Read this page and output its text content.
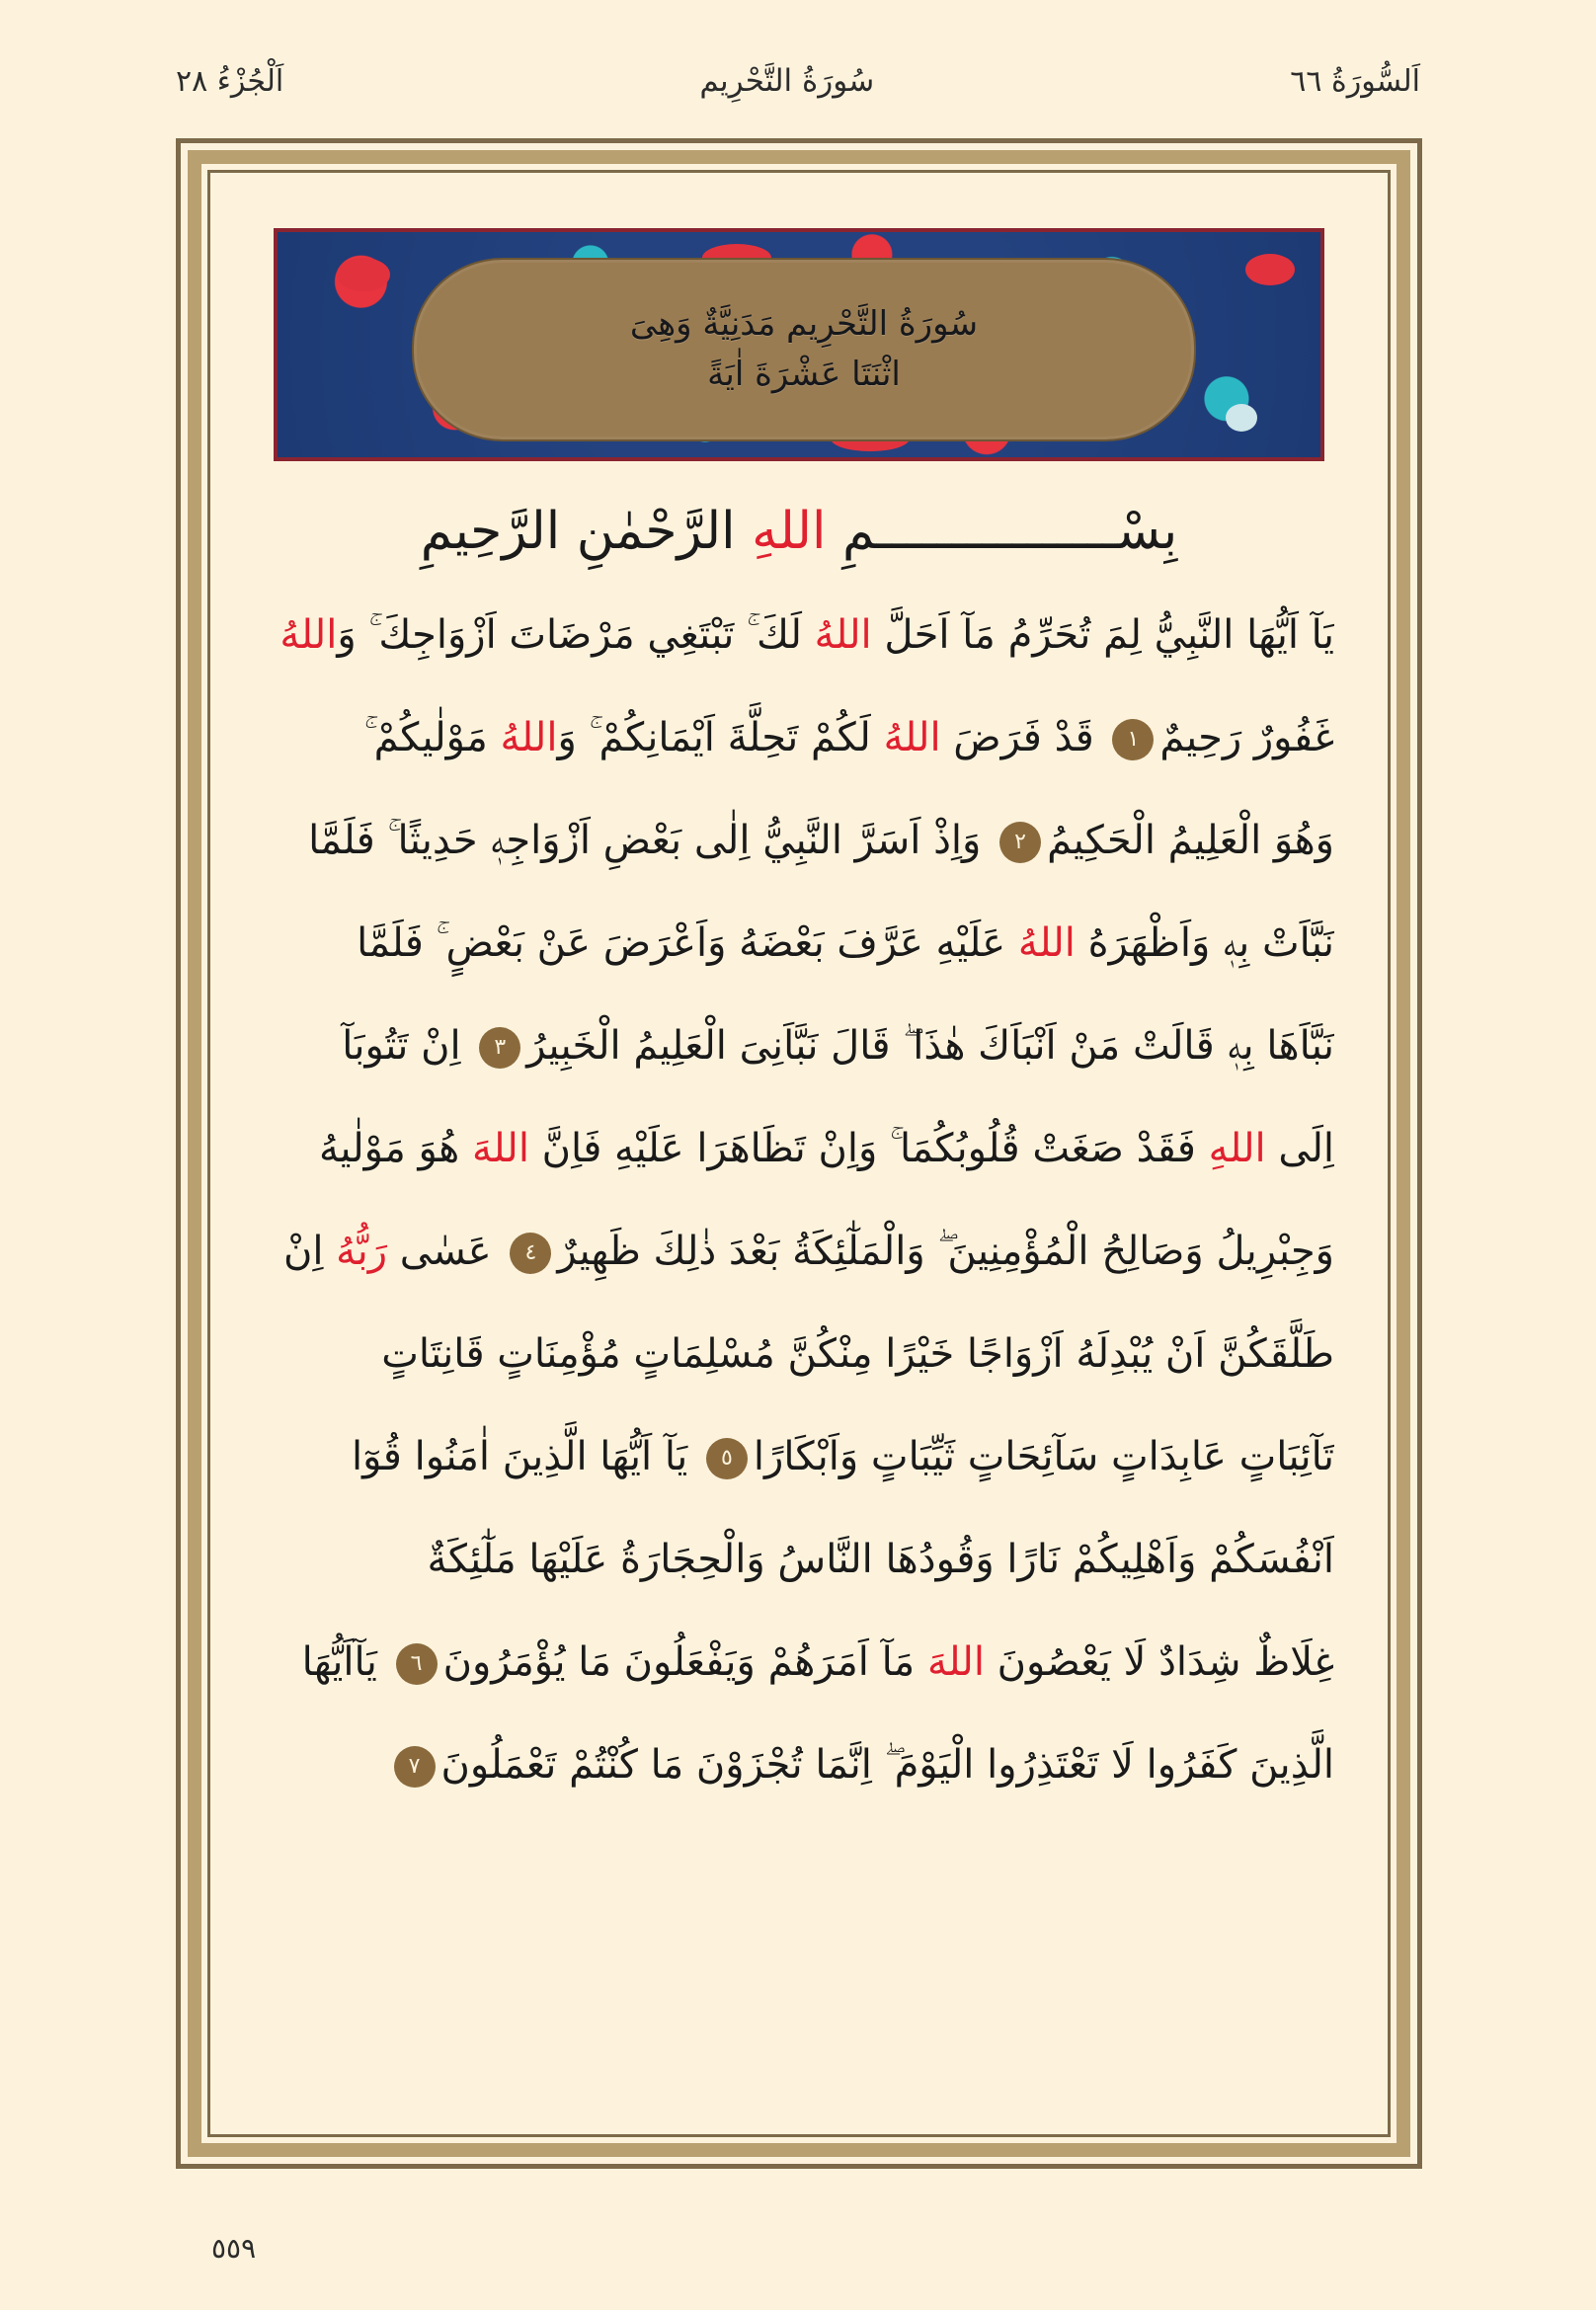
اَلسُّورَةُ ٦٦
سُورَةُ التَّحْرِيم
اَلْجُزْءُ ٢٨
سُورَةُ التَّحْرِيم مَدَنِيَّةٌ وَهِىَ
اثْنَتَا عَشْرَةَ اٰيَةً
بِسْــــــــــــــــمِ اللهِ الرَّحْمٰنِ الرَّحِيمِ
يَآ اَيُّهَا النَّبِيُّ لِمَ تُحَرِّمُ مَآ اَحَلَّ اللهُ لَكَ ۚ تَبْتَغِي مَرْضَاتَ اَزْوَاجِكَ ۚ وَاللهُ
غَفُورٌ رَحِيمٌ١ قَدْ فَرَضَ اللهُ لَكُمْ تَحِلَّةَ اَيْمَانِكُمْ ۚ وَاللهُ مَوْلٰيكُمْ ۚ
وَهُوَ الْعَلِيمُ الْحَكِيمُ٢ وَاِذْ اَسَرَّ النَّبِيُّ اِلٰى بَعْضِ اَزْوَاجِهٖ حَدِيثًا ۚ فَلَمَّا
نَبَّاَتْ بِهٖ وَاَظْهَرَهُ اللهُ عَلَيْهِ عَرَّفَ بَعْضَهُ وَاَعْرَضَ عَنْ بَعْضٍ ۚ فَلَمَّا
نَبَّاَهَا بِهٖ قَالَتْ مَنْ اَنْبَاَكَ هٰذَا ۖ قَالَ نَبَّاَنِىَ الْعَلِيمُ الْخَبِيرُ٣ اِنْ تَتُوبَآ
اِلَى اللهِ فَقَدْ صَغَتْ قُلُوبُكُمَا ۚ وَاِنْ تَظَاهَرَا عَلَيْهِ فَاِنَّ اللهَ هُوَ مَوْلٰيهُ
وَجِبْرِيلُ وَصَالِحُ الْمُؤْمِنِينَ ۖ وَالْمَلٰٓئِكَةُ بَعْدَ ذٰلِكَ ظَهِيرٌ٤ عَسٰى رَبُّهُ اِنْ
طَلَّقَكُنَّ اَنْ يُبْدِلَهُ اَزْوَاجًا خَيْرًا مِنْكُنَّ مُسْلِمَاتٍ مُؤْمِنَاتٍ قَانِتَاتٍ
تَآئِبَاتٍ عَابِدَاتٍ سَآئِحَاتٍ ثَيِّبَاتٍ وَاَبْكَارًا٥ يَآ اَيُّهَا الَّذِينَ اٰمَنُوا قُوٓا
اَنْفُسَكُمْ وَاَهْلِيكُمْ نَارًا وَقُودُهَا النَّاسُ وَالْحِجَارَةُ عَلَيْهَا مَلٰٓئِكَةٌ
غِلَاظٌ شِدَادٌ لَا يَعْصُونَ اللهَ مَآ اَمَرَهُمْ وَيَفْعَلُونَ مَا يُؤْمَرُونَ٦ يَآاَيُّهَا
الَّذِينَ كَفَرُوا لَا تَعْتَذِرُوا الْيَوْمَ ۖ اِنَّمَا تُجْزَوْنَ مَا كُنْتُمْ تَعْمَلُونَ٧
٥٥٩
